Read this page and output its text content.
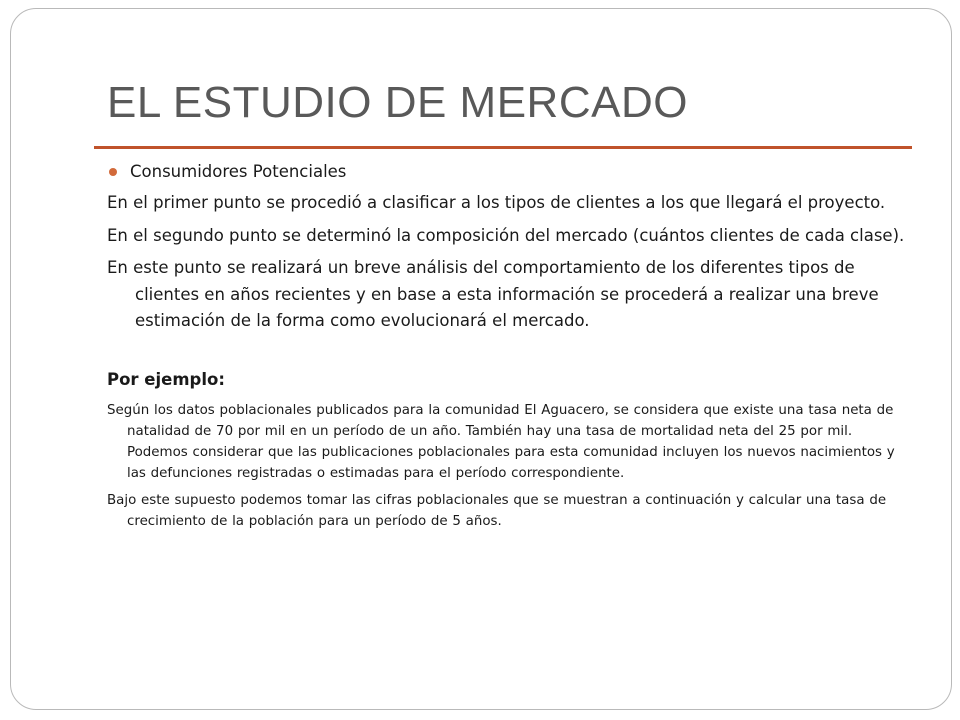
EL ESTUDIO DE MERCADO
Consumidores Potenciales

En el primer punto se procedió a clasificar a los tipos de clientes a los que llegará el proyecto.

En el segundo punto se determinó la composición del mercado (cuántos clientes de cada clase).

En este punto se realizará un breve análisis del comportamiento de los diferentes tipos de clientes en años recientes y en base a esta información se procederá a realizar una breve estimación de la forma como evolucionará el mercado.

Por ejemplo:

Según los datos poblacionales publicados para la comunidad El Aguacero, se considera que existe una tasa neta de natalidad de 70 por mil en un período de un año. También hay una tasa de mortalidad neta del 25 por mil. Podemos considerar que las publicaciones poblacionales para esta comunidad incluyen los nuevos nacimientos y las defunciones registradas o estimadas para el período correspondiente.

Bajo este supuesto podemos tomar las cifras poblacionales que se muestran a continuación y calcular una tasa de crecimiento de la población para un período de 5 años.
